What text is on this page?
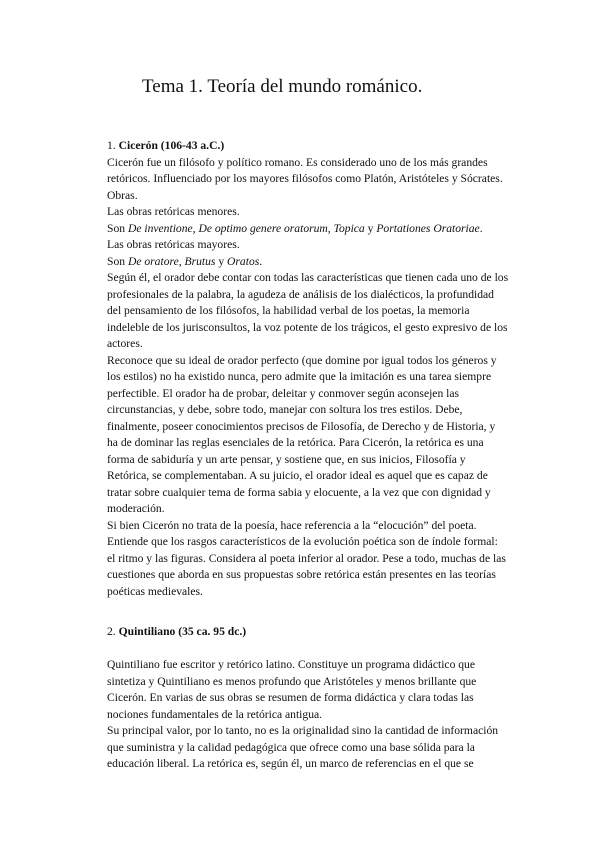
Tema 1. Teoría del mundo románico.

1. Cicerón (106-43 a.C.)

Cicerón fue un filósofo y político romano. Es considerado uno de los más grandes

retóricos. Influenciado por los mayores filósofos como Platón, Aristóteles y Sócrates.

Obras.

Las obras retóricas menores.

Son De inventione, De optimo genere oratorum, Topica y Portationes Oratoriae.

Las obras retóricas mayores.

Son De oratore, Brutus y Oratos.

Según él, el orador debe contar con todas las características que tienen cada uno de los

profesionales de la palabra, la agudeza de análisis de los dialécticos, la profundidad

del pensamiento de los filósofos, la habilidad verbal de los poetas, la memoria

indeleble de los jurisconsultos, la voz potente de los trágicos, el gesto expresivo de los

actores.

Reconoce que su ideal de orador perfecto (que domine por igual todos los géneros y

los estilos) no ha existido nunca, pero admite que la imitación es una tarea siempre

perfectible. El orador ha de probar, deleitar y conmover según aconsejen las

circunstancias, y debe, sobre todo, manejar con soltura los tres estilos. Debe,

finalmente, poseer conocimientos precisos de Filosofía, de Derecho y de Historia, y

ha de dominar las reglas esenciales de la retórica. Para Cicerón, la retórica es una

forma de sabiduría y un arte pensar, y sostiene que, en sus inicios, Filosofía y

Retórica, se complementaban. A su juicio, el orador ideal es aquel que es capaz de

tratar sobre cualquier tema de forma sabia y elocuente, a la vez que con dignidad y

moderación.

Si bien Cicerón no trata de la poesía, hace referencia a la “elocución” del poeta.

Entiende que los rasgos característicos de la evolución poética son de índole formal:

el ritmo y las figuras. Considera al poeta inferior al orador. Pese a todo, muchas de las

cuestiones que aborda en sus propuestas sobre retórica están presentes en las teorías

poéticas medievales.

2. Quintiliano (35 ca. 95 dc.)

Quintiliano fue escritor y retórico latino. Constituye un programa didáctico que

sintetiza y Quintiliano es menos profundo que Aristóteles y menos brillante que

Cicerón. En varias de sus obras se resumen de forma didáctica y clara todas las

nociones fundamentales de la retórica antigua.

Su principal valor, por lo tanto, no es la originalidad sino la cantidad de información

que suministra y la calidad pedagógica que ofrece como una base sólida para la

educación liberal. La retórica es, según él, un marco de referencias en el que se
